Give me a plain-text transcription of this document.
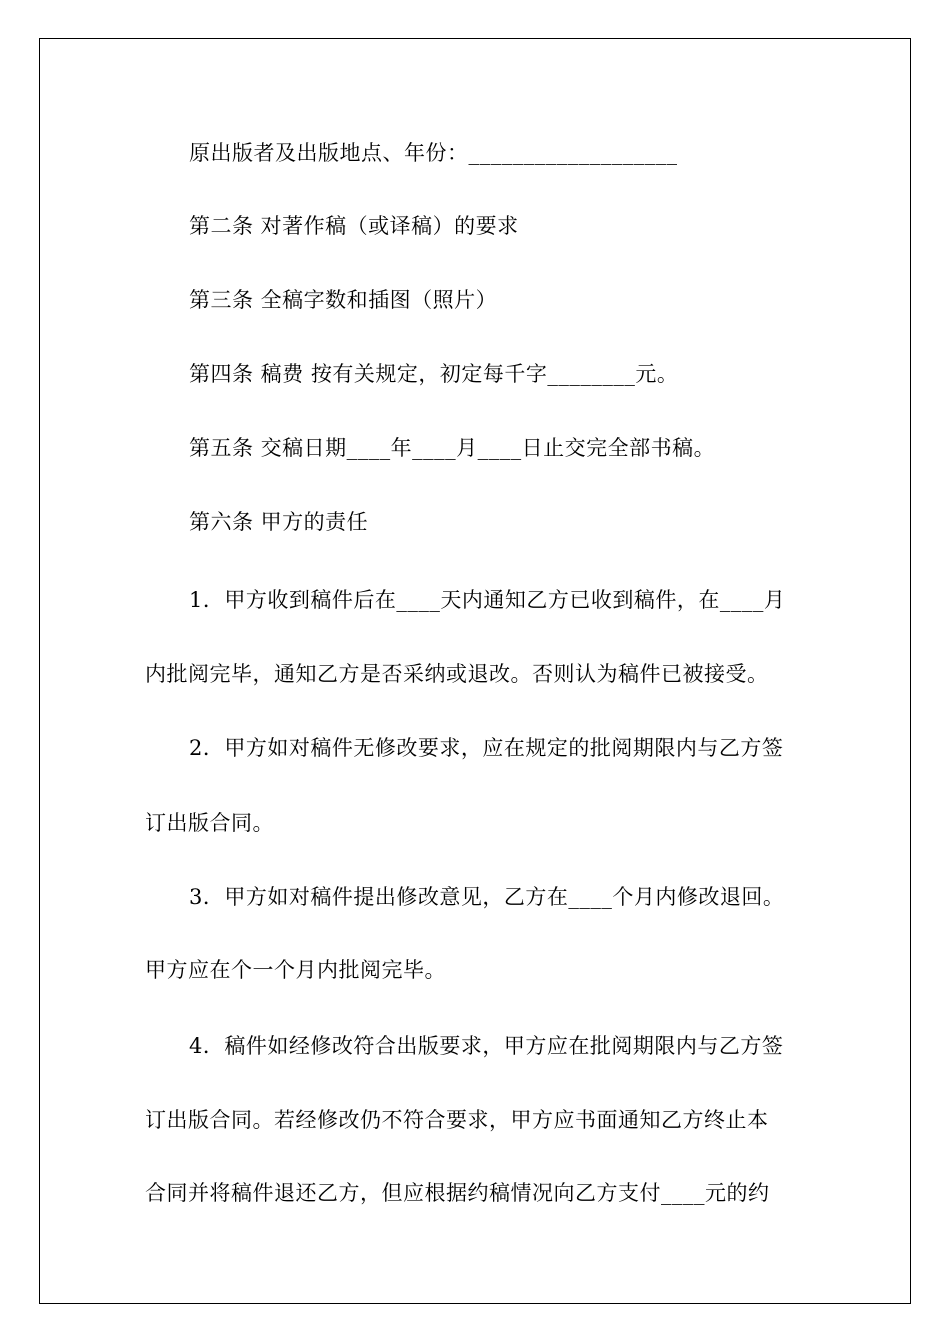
原出版者及出版地点、年份：___________________
第二条 对著作稿（或译稿）的要求
第三条 全稿字数和插图（照片）
第四条 稿费 按有关规定，初定每千字________元。
第五条 交稿日期____年____月____日止交完全部书稿。
第六条 甲方的责任
1．甲方收到稿件后在____天内通知乙方已收到稿件，在____月
内批阅完毕，通知乙方是否采纳或退改。否则认为稿件已被接受。
2．甲方如对稿件无修改要求，应在规定的批阅期限内与乙方签
订出版合同。
3．甲方如对稿件提出修改意见，乙方在____个月内修改退回。
甲方应在个一个月内批阅完毕。
4．稿件如经修改符合出版要求，甲方应在批阅期限内与乙方签
订出版合同。若经修改仍不符合要求，甲方应书面通知乙方终止本
合同并将稿件退还乙方，但应根据约稿情况向乙方支付____元的约
